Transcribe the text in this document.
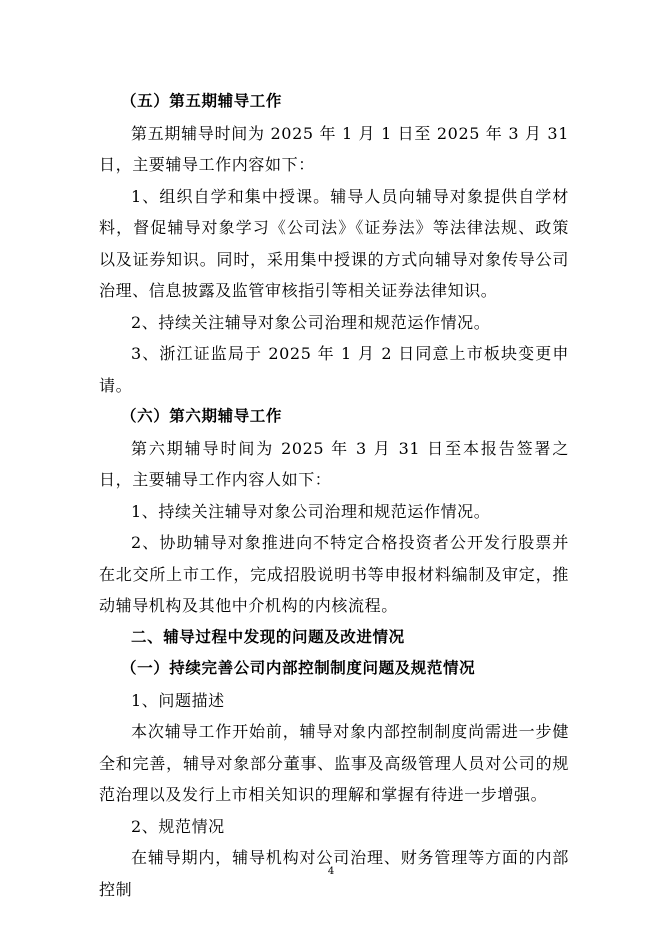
（五）第五期辅导工作

第五期辅导时间为 2025 年 1 月 1 日至 2025 年 3 月 31 日，主要辅导工作内容如下：

1、组织自学和集中授课。辅导人员向辅导对象提供自学材料，督促辅导对象学习《公司法》《证券法》等法律法规、政策以及证券知识。同时，采用集中授课的方式向辅导对象传导公司治理、信息披露及监管审核指引等相关证券法律知识。

2、持续关注辅导对象公司治理和规范运作情况。

3、浙江证监局于 2025 年 1 月 2 日同意上市板块变更申请。

（六）第六期辅导工作

第六期辅导时间为 2025 年 3 月 31 日至本报告签署之日，主要辅导工作内容人如下：

1、持续关注辅导对象公司治理和规范运作情况。

2、协助辅导对象推进向不特定合格投资者公开发行股票并在北交所上市工作，完成招股说明书等申报材料编制及审定，推动辅导机构及其他中介机构的内核流程。

二、辅导过程中发现的问题及改进情况

（一）持续完善公司内部控制制度问题及规范情况

1、问题描述

本次辅导工作开始前，辅导对象内部控制制度尚需进一步健全和完善，辅导对象部分董事、监事及高级管理人员对公司的规范治理以及发行上市相关知识的理解和掌握有待进一步增强。

2、规范情况

在辅导期内，辅导机构对公司治理、财务管理等方面的内部控制

4
